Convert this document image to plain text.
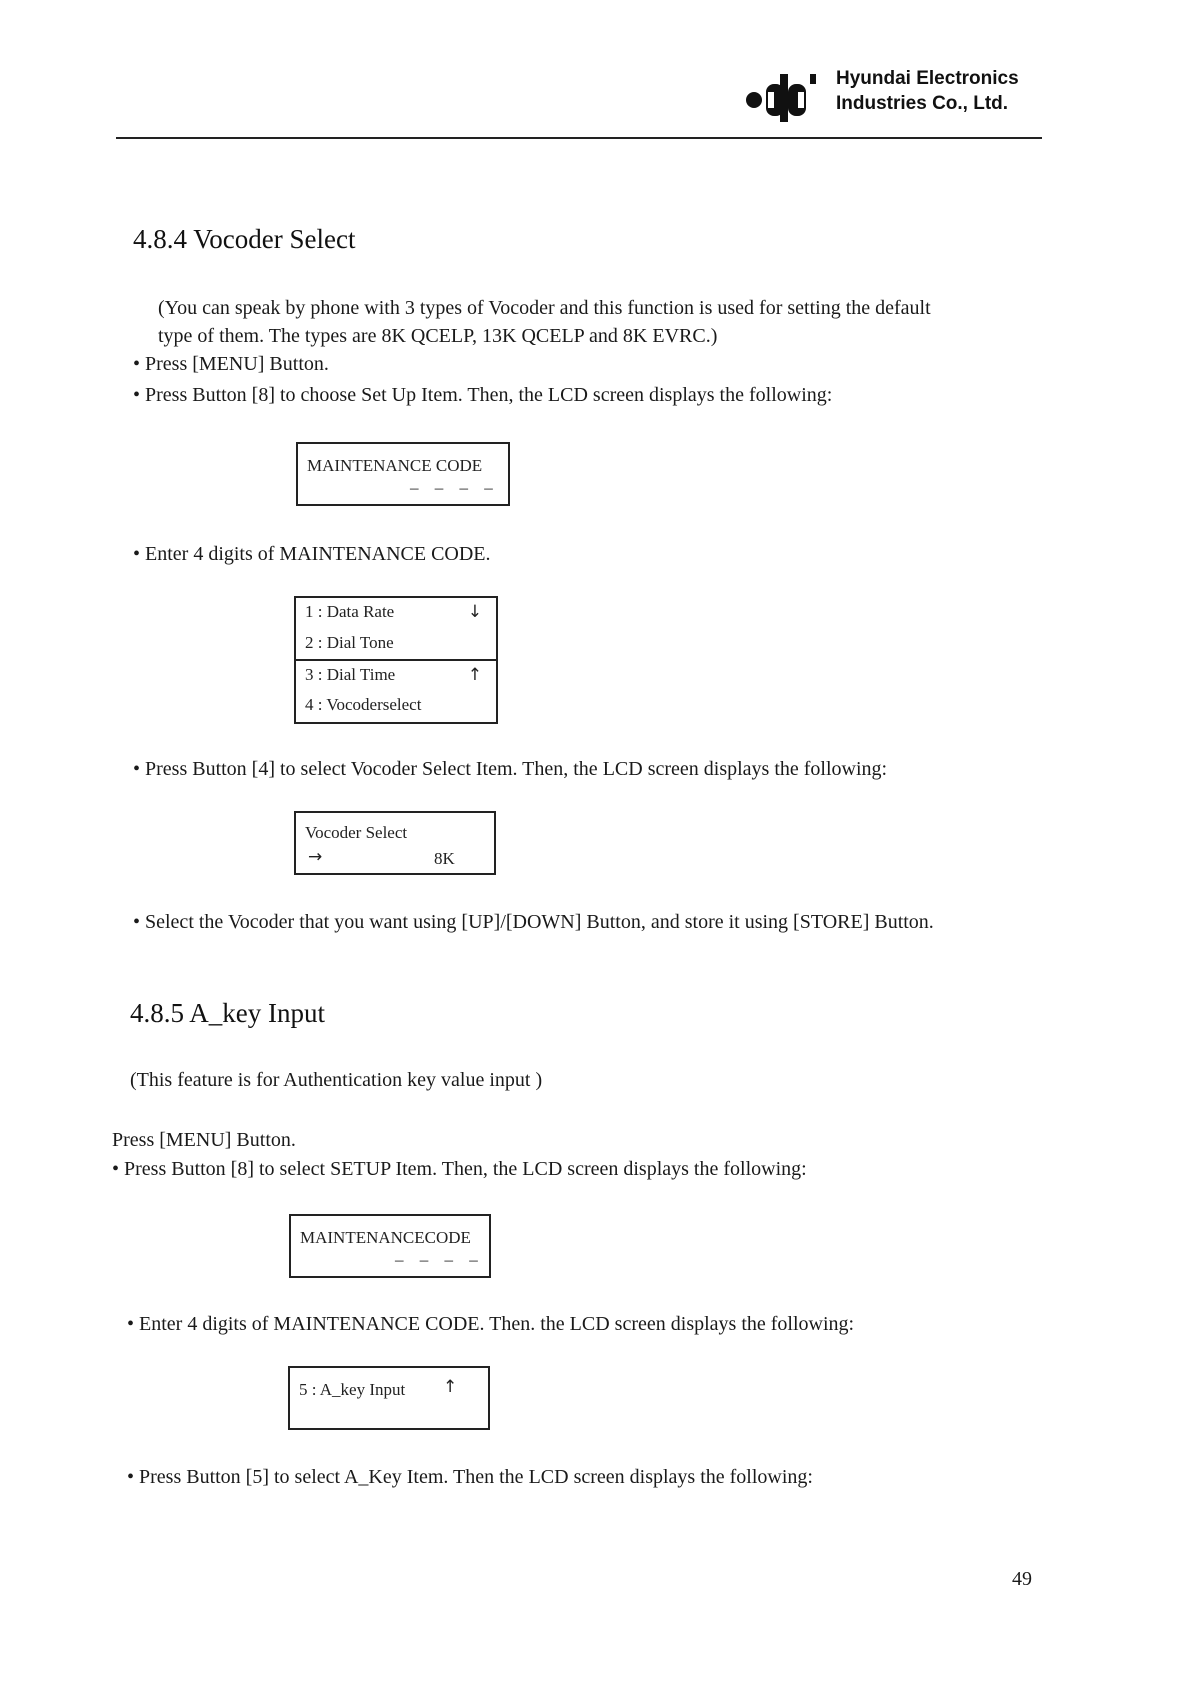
Hyundai Electronics
Industries Co., Ltd.
4.8.4 Vocoder Select
(You can speak by phone with 3 types of Vocoder and this function is used for setting the default
type of them. The types are 8K QCELP, 13K QCELP and 8K EVRC.)
• Press [MENU] Button.
• Press Button [8] to choose Set Up Item. Then, the LCD screen displays the following:
MAINTENANCE CODE
– – – –
• Enter 4 digits of MAINTENANCE CODE.
1 : Data Rate	↓
2 : Dial Tone
3 : Dial Time	↑
4 : Vocoderselect
• Press Button [4] to select Vocoder Select Item. Then, the LCD screen displays the following:
Vocoder Select
→	8K
• Select the Vocoder that you want using [UP]/[DOWN] Button, and store it using [STORE] Button.
4.8.5 A_key Input
(This feature is for Authentication key value input )
Press [MENU] Button.
• Press Button [8] to select SETUP Item. Then, the LCD screen displays the following:
MAINTENANCECODE
– – – –
• Enter 4 digits of MAINTENANCE CODE. Then. the LCD screen displays the following:
5 : A_key Input ↑
• Press Button [5] to select A_Key Item. Then the LCD screen displays the following:
49
